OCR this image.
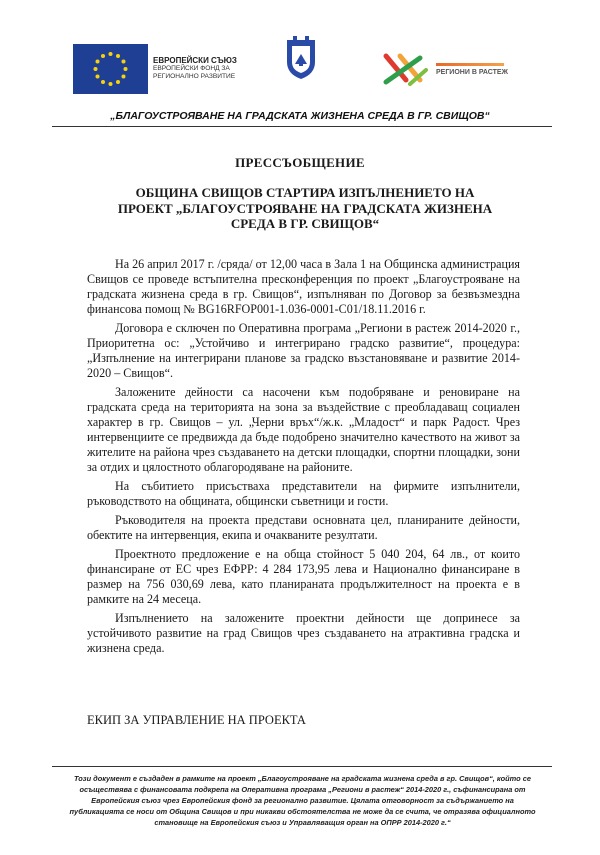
ЕВРОПЕЙСКИ СЪЮЗ
ЕВРОПЕЙСКИ ФОНД ЗА
РЕГИОНАЛНО РАЗВИТИЕ
РЕГИОНИ В РАСТЕЖ
„БЛАГОУСТРОЯВАНЕ НА ГРАДСКАТА ЖИЗНЕНА СРЕДА В ГР. СВИЩОВ“
ПРЕССЪОБЩЕНИЕ
ОБЩИНА СВИЩОВ СТАРТИРА ИЗПЪЛНЕНИЕТО НА ПРОЕКТ „БЛАГОУСТРОЯВАНЕ НА ГРАДСКАТА ЖИЗНЕНА СРЕДА В ГР. СВИЩОВ“

На 26 април 2017 г. /сряда/ от 12,00 часа в Зала 1 на Общинска администрация Свищов се проведе встъпителна пресконференция по проект „Благоустрояване на градската жизнена среда в гр. Свищов“, изпълняван по Договор за безвъзмездна финансова помощ № BG16RFOP001-1.036-0001-C01/18.11.2016 г.

Договора е сключен по Оперативна програма „Региони в растеж 2014-2020 г., Приоритетна ос: „Устойчиво и интегрирано градско развитие“, процедура: „Изпълнение на интегрирани планове за градско възстановяване и развитие 2014-2020 – Свищов“.

Заложените дейности са насочени към подобряване и реновиране на градската среда на територията на зона за въздействие с преобладаващ социален характер в гр. Свищов – ул. „Черни връх“/ж.к. „Младост“ и парк Радост. Чрез интервенциите се предвижда да бъде подобрено значително качеството на живот за жителите на района чрез създаването на детски площадки, спортни площадки, зони за отдих и цялостното облагородяване на районите.

На събитието присъстваха представители на фирмите изпълнители, ръководството на общината, общински съветници и гости.

Ръководителя на проекта представи основната цел, планираните дейности, обектите на интервенция, екипа и очакваните резултати.

Проектното предложение е на обща стойност 5 040 204, 64 лв., от които финансиране от ЕС чрез ЕФРР: 4 284 173,95 лева и Национално финансиране в размер на 756 030,69 лева, като планираната продължителност на проекта е в рамките на 24 месеца.

Изпълнението на заложените проектни дейности ще допринесе за устойчивото развитие на град Свищов чрез създаването на атрактивна градска и жизнена среда.

ЕКИП ЗА УПРАВЛЕНИЕ НА ПРОЕКТА
Този документ е създаден в рамките на проект „Благоустрояване на градската жизнена среда в гр. Свищов“, който се осъществява с финансовата подкрепа на Оперативна програма „Региони в растеж“ 2014-2020 г., съфинансирана от Европейския съюз чрез Европейския фонд за регионално развитие. Цялата отговорност за съдържанието на публикацията се носи от Община Свищов и при никакви обстоятелства не може да се счита, че отразява официалното становище на Европейския съюз и Управляващия орган на ОПРР 2014-2020 г.“
